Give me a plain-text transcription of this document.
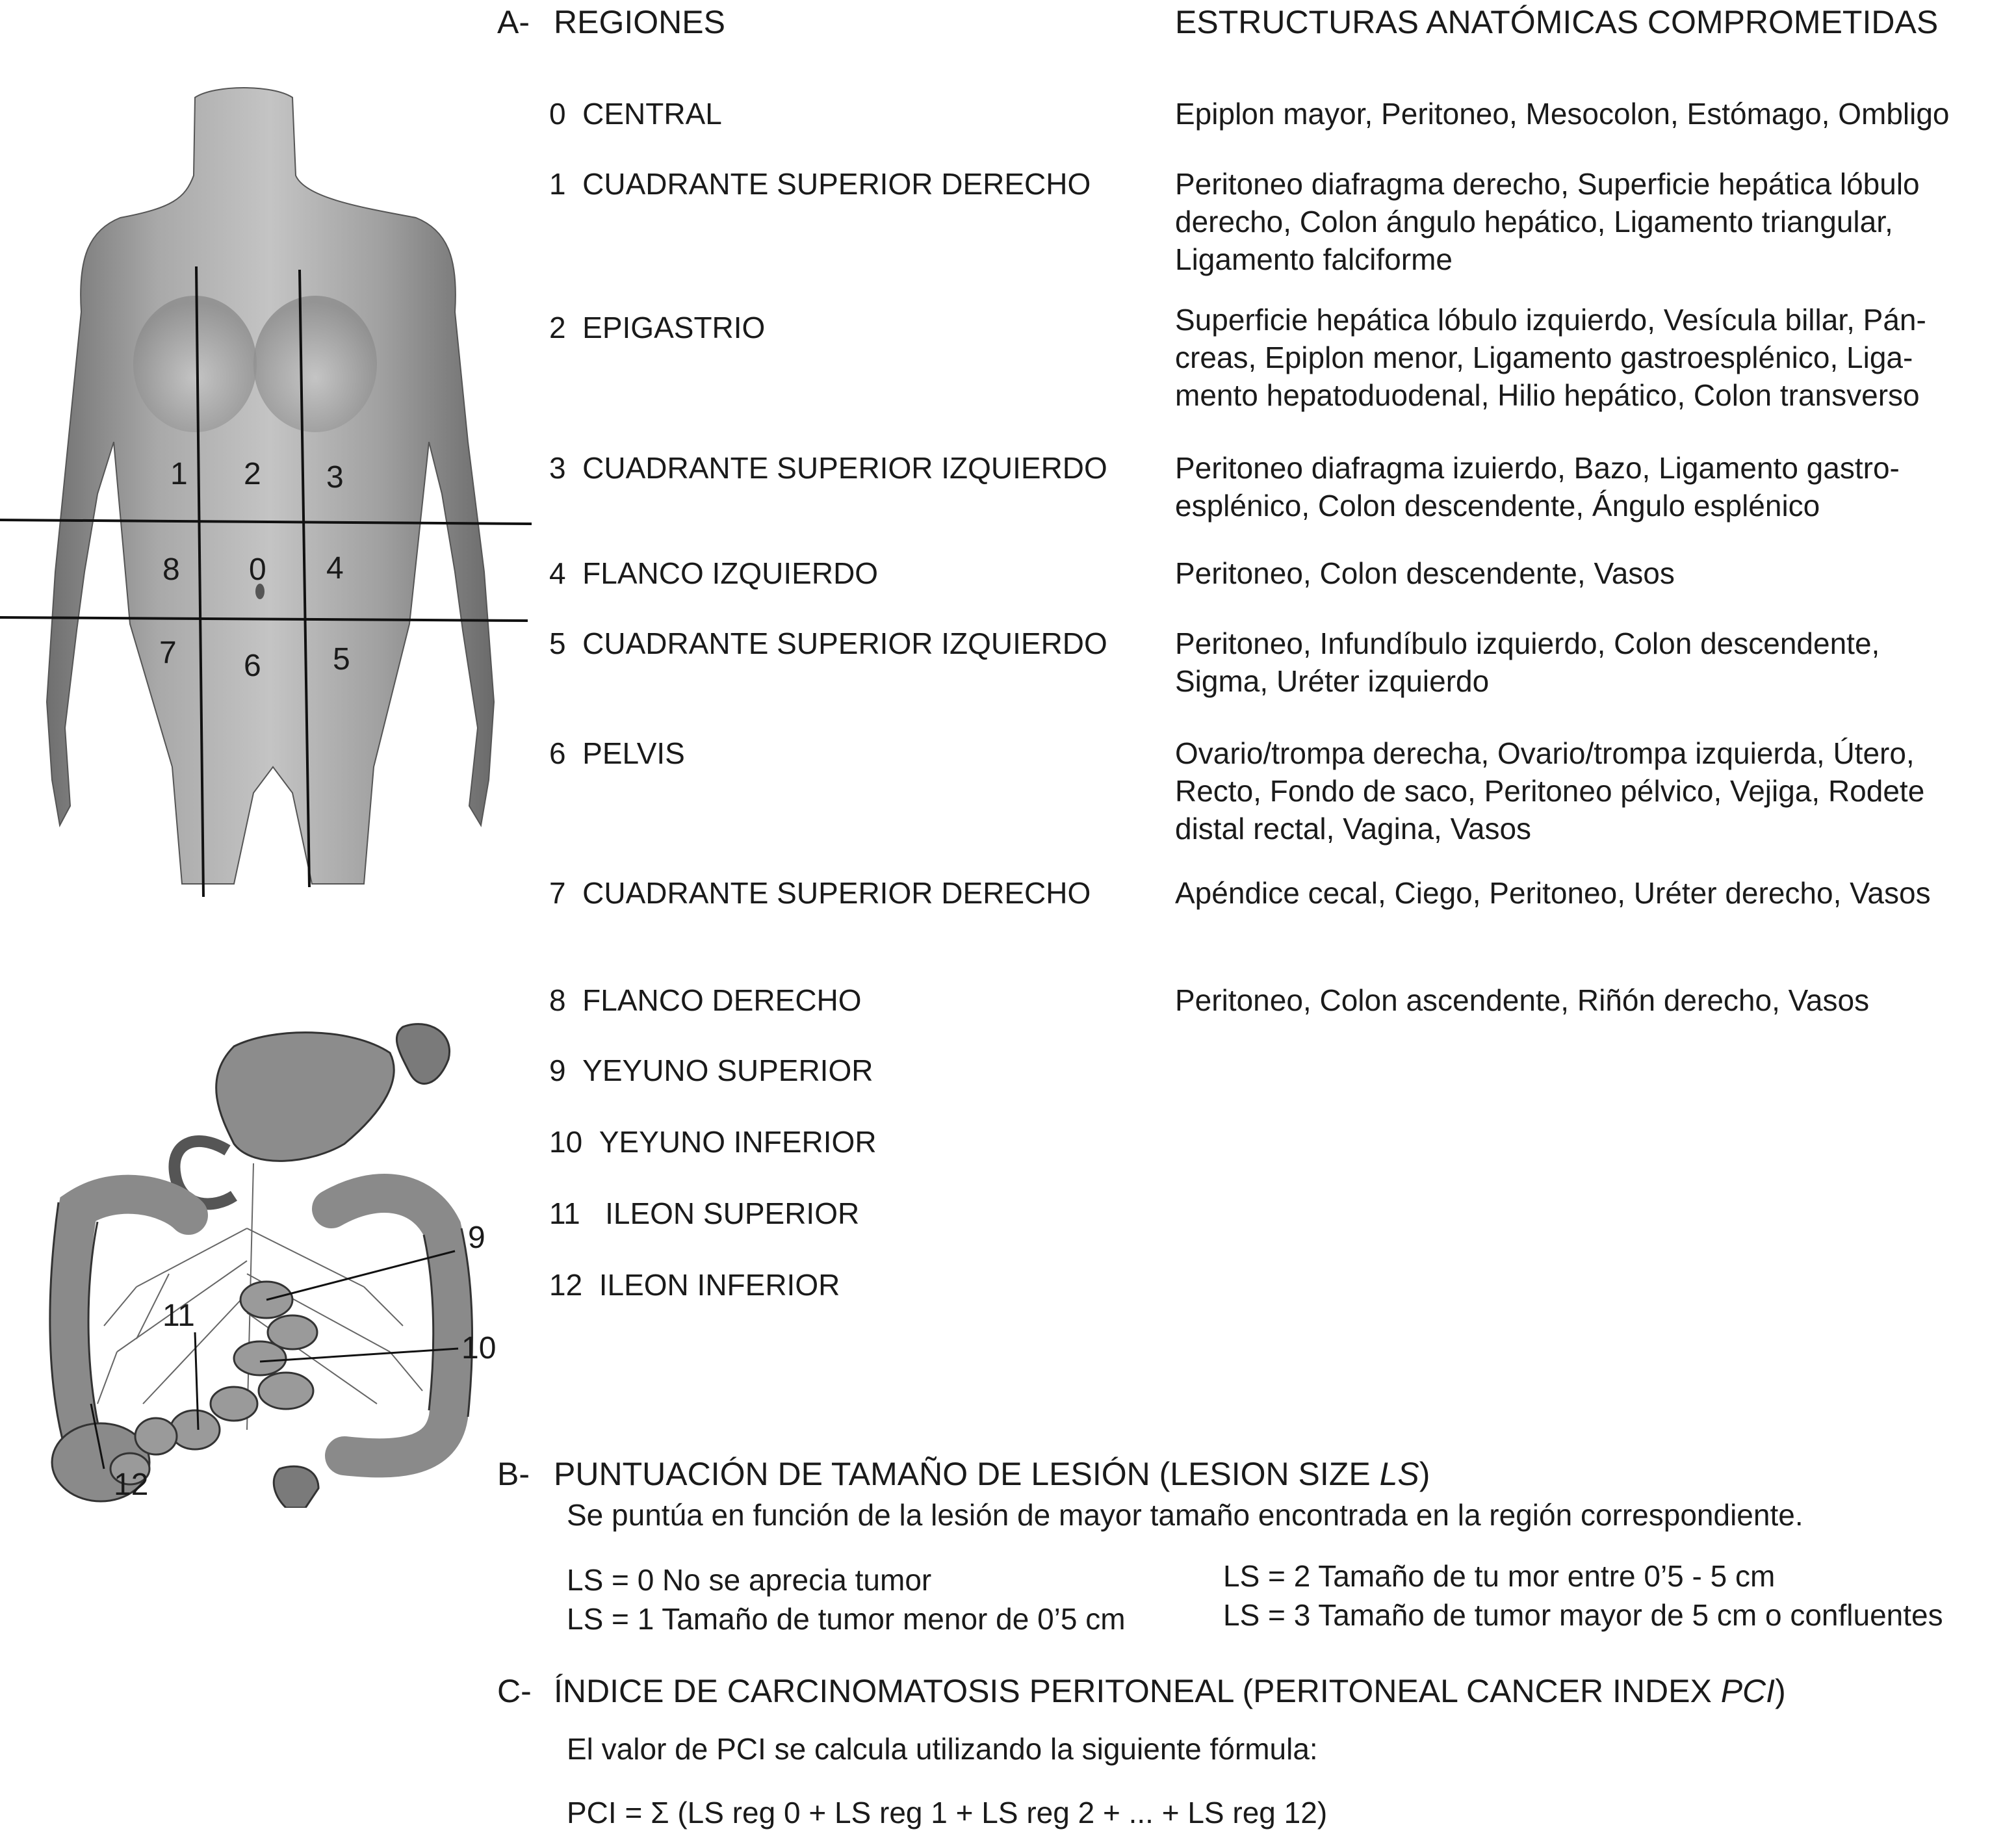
1 2 3
8 0 4
7 6 5
9
10
11
12
A- REGIONES	ESTRUCTURAS ANATÓMICAS COMPROMETIDAS
0 CENTRAL	Epiplon mayor, Peritoneo, Mesocolon, Estómago, Ombligo
1 CUADRANTE SUPERIOR DERECHO	Peritoneo diafragma derecho, Superficie hepática lóbulo
derecho, Colon ángulo hepático, Ligamento triangular,
Ligamento falciforme
2 EPIGASTRIO	Superficie hepática lóbulo izquierdo, Vesícula billar, Pán-
creas, Epiplon menor, Ligamento gastroesplénico, Liga-
mento hepatoduodenal, Hilio hepático, Colon transverso
3 CUADRANTE SUPERIOR IZQUIERDO Peritoneo diafragma izuierdo, Bazo, Ligamento gastro-
esplénico, Colon descendente, Ángulo esplénico
4 FLANCO IZQUIERDO	Peritoneo, Colon descendente, Vasos
5 CUADRANTE SUPERIOR IZQUIERDO Peritoneo, Infundíbulo izquierdo, Colon descendente,
Sigma, Uréter izquierdo
6 PELVIS	Ovario/trompa derecha, Ovario/trompa izquierda, Útero,
Recto, Fondo de saco, Peritoneo pélvico, Vejiga, Rodete
distal rectal, Vagina, Vasos
7 CUADRANTE SUPERIOR DERECHO	Apéndice cecal, Ciego, Peritoneo, Uréter derecho, Vasos
8 FLANCO DERECHO	Peritoneo, Colon ascendente, Riñón derecho, Vasos
9 YEYUNO SUPERIOR
10 YEYUNO INFERIOR
11 ILEON SUPERIOR
12 ILEON INFERIOR
B- PUNTUACIÓN DE TAMAÑO DE LESIÓN (LESION SIZE LS)
Se puntúa en función de la lesión de mayor tamaño encontrada en la región correspondiente.
LS = 0 No se aprecia tumor
LS = 1 Tamaño de tumor menor de 0’5 cm
LS = 2 Tamaño de tu mor entre 0’5 - 5 cm
LS = 3 Tamaño de tumor mayor de 5 cm o confluentes
C- ÍNDICE DE CARCINOMATOSIS PERITONEAL (PERITONEAL CANCER INDEX PCI)
El valor de PCI se calcula utilizando la siguiente fórmula:
PCI = Σ (LS reg 0 + LS reg 1 + LS reg 2 + ... + LS reg 12)
